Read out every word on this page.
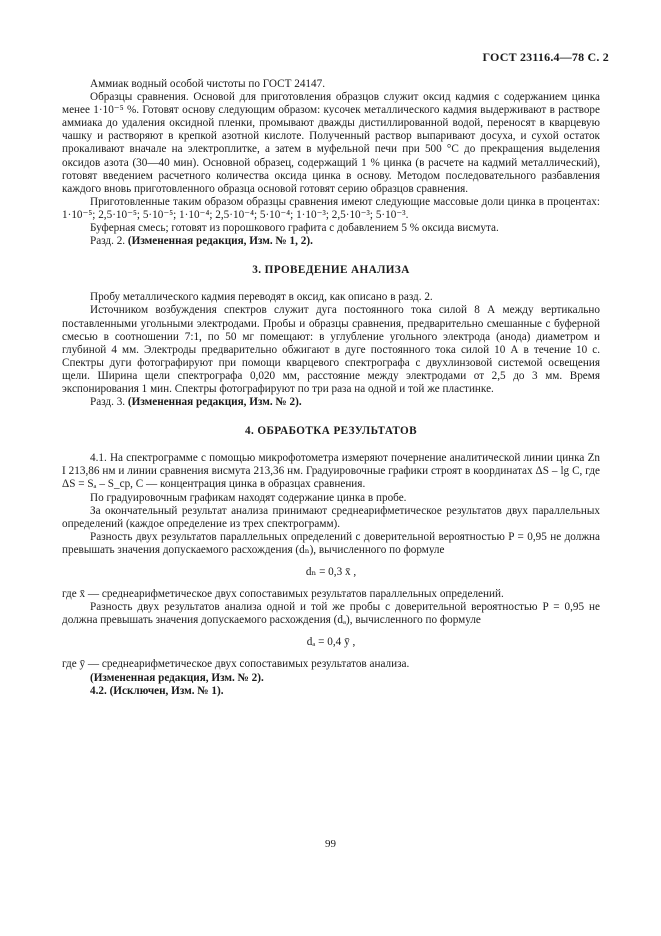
ГОСТ 23116.4—78 С. 2

Аммиак водный особой чистоты по ГОСТ 24147.

Образцы сравнения. Основой для приготовления образцов служит оксид кадмия с содержанием цинка менее 1·10⁻⁵ %. Готовят основу следующим образом: кусочек металлического кадмия выдерживают в растворе аммиака до удаления оксидной пленки, промывают дважды дистиллированной водой, переносят в кварцевую чашку и растворяют в крепкой азотной кислоте. Полученный раствор выпаривают досуха, и сухой остаток прокаливают вначале на электроплитке, а затем в муфельной печи при 500 °С до прекращения выделения оксидов азота (30—40 мин). Основной образец, содержащий 1 % цинка (в расчете на кадмий металлический), готовят введением расчетного количества оксида цинка в основу. Методом последовательного разбавления каждого вновь приготовленного образца основой готовят серию образцов сравнения.

Приготовленные таким образом образцы сравнения имеют следующие массовые доли цинка в процентах: 1·10⁻⁵; 2,5·10⁻⁵; 5·10⁻⁵; 1·10⁻⁴; 2,5·10⁻⁴; 5·10⁻⁴; 1·10⁻³; 2,5·10⁻³; 5·10⁻³.

Буферная смесь; готовят из порошкового графита с добавлением 5 % оксида висмута.

Разд. 2. (Измененная редакция, Изм. № 1, 2).

3. ПРОВЕДЕНИЕ АНАЛИЗА

Пробу металлического кадмия переводят в оксид, как описано в разд. 2.

Источником возбуждения спектров служит дуга постоянного тока силой 8 А между вертикально поставленными угольными электродами. Пробы и образцы сравнения, предварительно смешанные с буферной смесью в соотношении 7:1, по 50 мг помещают: в углубление угольного электрода (анода) диаметром и глубиной 4 мм. Электроды предварительно обжигают в дуге постоянного тока силой 10 А в течение 10 с. Спектры дуги фотографируют при помощи кварцевого спектрографа с двухлинзовой системой освещения щели. Ширина щели спектрографа 0,020 мм, расстояние между электродами от 2,5 до 3 мм. Время экспонирования 1 мин. Спектры фотографируют по три раза на одной и той же пластинке.

Разд. 3. (Измененная редакция, Изм. № 2).

4. ОБРАБОТКА РЕЗУЛЬТАТОВ

4.1. На спектрограмме с помощью микрофотометра измеряют почернение аналитической линии цинка Zn I 213,86 нм и линии сравнения висмута 213,36 нм. Градуировочные графики строят в координатах ΔS – lg C, где ΔS = Sₐ – S_ср, C — концентрация цинка в образцах сравнения.

По градуировочным графикам находят содержание цинка в пробе.

За окончательный результат анализа принимают среднеарифметическое результатов двух параллельных определений (каждое определение из трех спектрограмм).

Разность двух результатов параллельных определений с доверительной вероятностью P = 0,95 не должна превышать значения допускаемого расхождения (dₙ), вычисленного по формуле

dₙ = 0,3 x̄ ,

где x̄ — среднеарифметическое двух сопоставимых результатов параллельных определений.

Разность двух результатов анализа одной и той же пробы с доверительной вероятностью P = 0,95 не должна превышать значения допускаемого расхождения (dₐ), вычисленного по формуле

dₐ = 0,4 ȳ ,

где ȳ — среднеарифметическое двух сопоставимых результатов анализа.

(Измененная редакция, Изм. № 2).

4.2. (Исключен, Изм. № 1).

99
